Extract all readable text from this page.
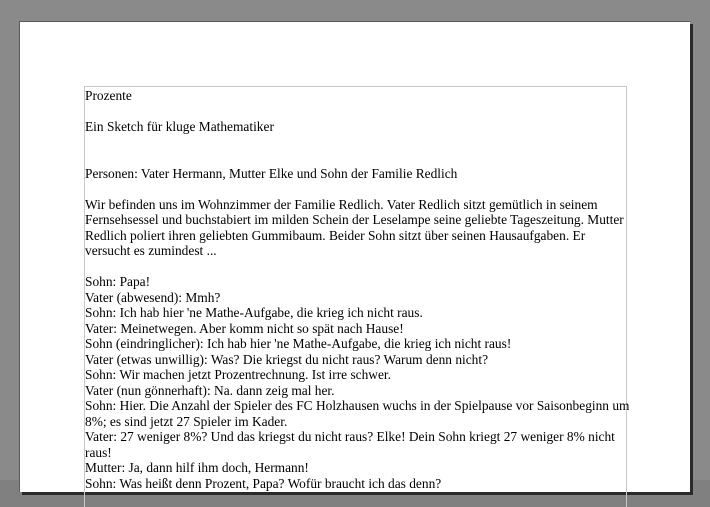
Prozente

Ein Sketch für kluge Mathematiker

Personen: Vater Hermann, Mutter Elke und Sohn der Familie Redlich

Wir befinden uns im Wohnzimmer der Familie Redlich. Vater Redlich sitzt gemütlich in seinem Fernsehsessel und buchstabiert im milden Schein der Leselampe seine geliebte Tageszeitung. Mutter Redlich poliert ihren geliebten Gummibaum. Beider Sohn sitzt über seinen Hausaufgaben. Er versucht es zumindest ...

Sohn: Papa!

Vater (abwesend): Mmh?

Sohn: Ich hab hier 'ne Mathe-Aufgabe, die krieg ich nicht raus.

Vater: Meinetwegen. Aber komm nicht so spät nach Hause!

Sohn (eindringlicher): Ich hab hier 'ne Mathe-Aufgabe, die krieg ich nicht raus!

Vater (etwas unwillig): Was? Die kriegst du nicht raus? Warum denn nicht?

Sohn: Wir machen jetzt Prozentrechnung. Ist irre schwer.

Vater (nun gönnerhaft): Na. dann zeig mal her.

Sohn: Hier. Die Anzahl der Spieler des FC Holzhausen wuchs in der Spielpause vor Saisonbeginn um 8%; es sind jetzt 27 Spieler im Kader.

Vater: 27 weniger 8%? Und das kriegst du nicht raus? Elke! Dein Sohn kriegt 27 weniger 8% nicht raus!

Mutter: Ja, dann hilf ihm doch, Hermann!

Sohn: Was heißt denn Prozent, Papa? Wofür braucht ich das denn?
